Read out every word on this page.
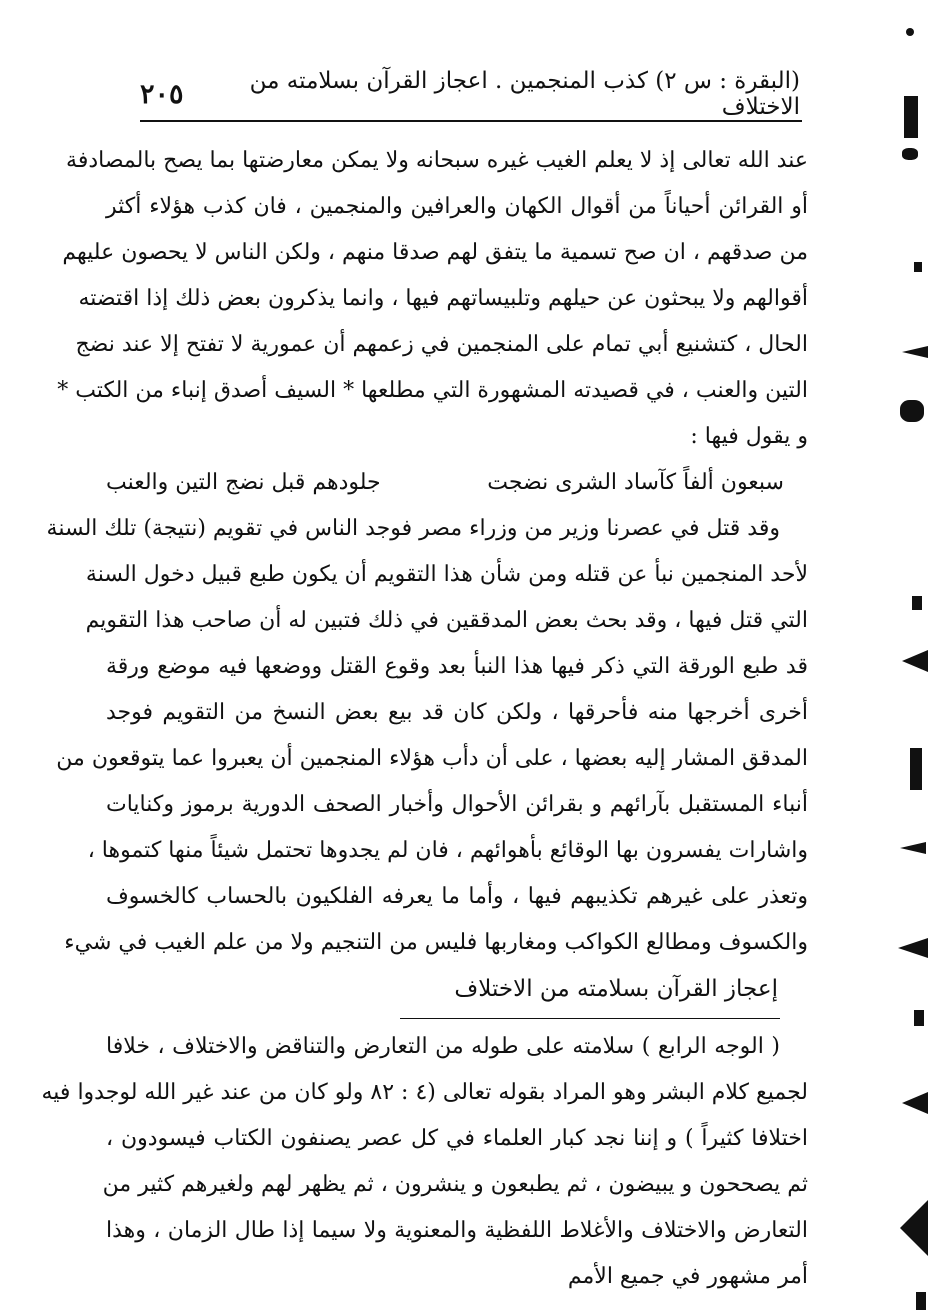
(البقرة : س ٢) كذب المنجمين . اعجاز القرآن بسلامته من الاختلاف
٢٠٥
عند الله تعالى إذ لا يعلم الغيب غيره سبحانه ولا يمكن معارضتها بما يصح بالمصادفة
أو القرائن أحياناً من أقوال الكهان والعرافين والمنجمين ، فان كذب هؤلاء أكثر
من صدقهم ، ان صح تسمية ما يتفق لهم صدقا منهم ، ولكن الناس لا يحصون عليهم
أقوالهم ولا يبحثون عن حيلهم وتلبيساتهم فيها ، وانما يذكرون بعض ذلك إذا اقتضته
الحال ، كتشنيع أبي تمام على المنجمين في زعمهم أن عمورية لا تفتح إلا عند نضج
التين والعنب ، في قصيدته المشهورة التي مطلعها * السيف أصدق إنباء من الكتب *
و يقول فيها :
سبعون ألفاً كآساد الشرى نضجت
جلودهم قبل نضج التين والعنب
وقد قتل في عصرنا وزير من وزراء مصر فوجد الناس في تقويم (نتيجة) تلك السنة
لأحد المنجمين نبأ عن قتله ومن شأن هذا التقويم أن يكون طبع قبيل دخول السنة
التي قتل فيها ، وقد بحث بعض المدققين في ذلك فتبين له أن صاحب هذا التقويم
قد طبع الورقة التي ذكر فيها هذا النبأ بعد وقوع القتل ووضعها فيه موضع ورقة
أخرى أخرجها منه فأحرقها ، ولكن كان قد بيع بعض النسخ من التقويم فوجد
المدقق المشار إليه بعضها ، على أن دأب هؤلاء المنجمين أن يعبروا عما يتوقعون من
أنباء المستقبل بآرائهم و بقرائن الأحوال وأخبار الصحف الدورية برموز وكنايات
واشارات يفسرون بها الوقائع بأهوائهم ، فان لم يجدوها تحتمل شيئاً منها كتموها ،
وتعذر على غيرهم تكذيبهم فيها ، وأما ما يعرفه الفلكيون بالحساب كالخسوف
والكسوف ومطالع الكواكب ومغاربها فليس من التنجيم ولا من علم الغيب في شيء
إعجاز القرآن بسلامته من الاختلاف
( الوجه الرابع ) سلامته على طوله من التعارض والتناقض والاختلاف ، خلافا
لجميع كلام البشر وهو المراد بقوله تعالى (٤ : ٨٢ ولو كان من عند غير الله لوجدوا فيه
اختلافا كثيراً ) و إننا نجد كبار العلماء في كل عصر يصنفون الكتاب فيسودون ،
ثم يصححون و يبيضون ، ثم يطبعون و ينشرون ، ثم يظهر لهم ولغيرهم كثير من
التعارض والاختلاف والأغلاط اللفظية والمعنوية ولا سيما إذا طال الزمان ، وهذا
أمر مشهور في جميع الأمم
